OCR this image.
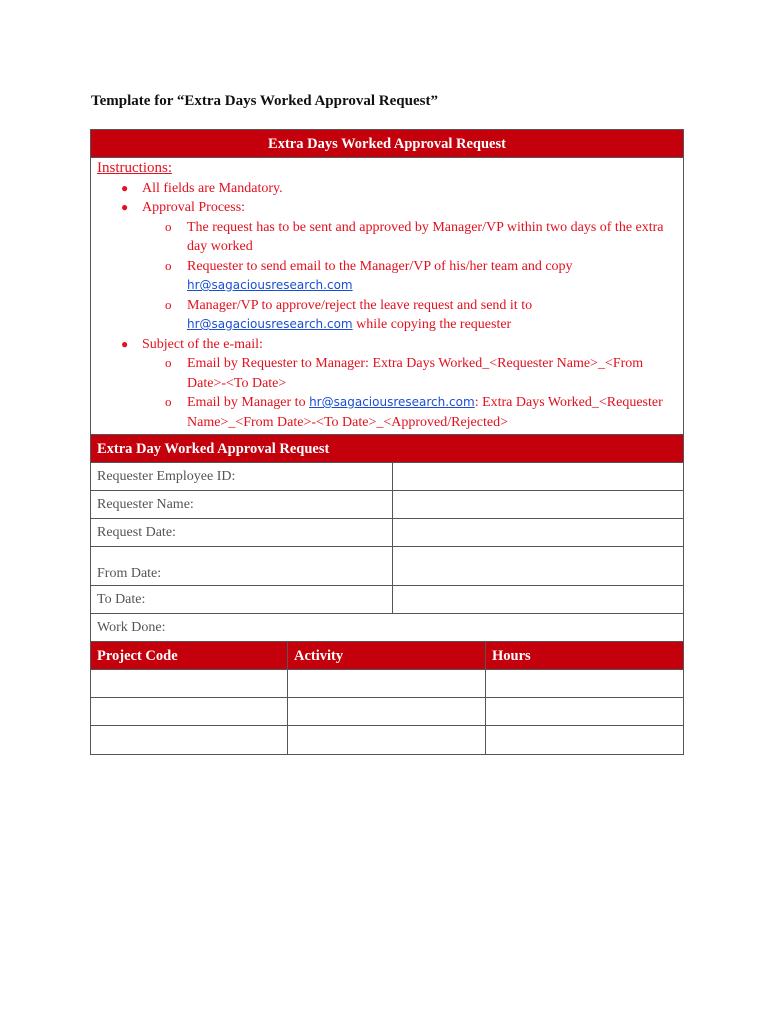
Template for “Extra Days Worked Approval Request”
Extra Days Worked Approval Request
Instructions:
● All fields are Mandatory.
● Approval Process:
o The request has to be sent and approved by Manager/VP within two days of the extra day worked
o Requester to send email to the Manager/VP of his/her team and copy
hr@sagaciousresearch.com
o Manager/VP to approve/reject the leave request and send it to
hr@sagaciousresearch.com while copying the requester
● Subject of the e-mail:
o Email by Requester to Manager: Extra Days Worked_<Requester Name>_<From Date>-<To Date>
o Email by Manager to hr@sagaciousresearch.com: Extra Days Worked_<Requester Name>_<From Date>-<To Date>_<Approved/Rejected>
Extra Day Worked Approval Request
Requester Employee ID:
Requester Name:
Request Date:
From Date:
To Date:
Work Done:
Project Code	Activity	Hours
